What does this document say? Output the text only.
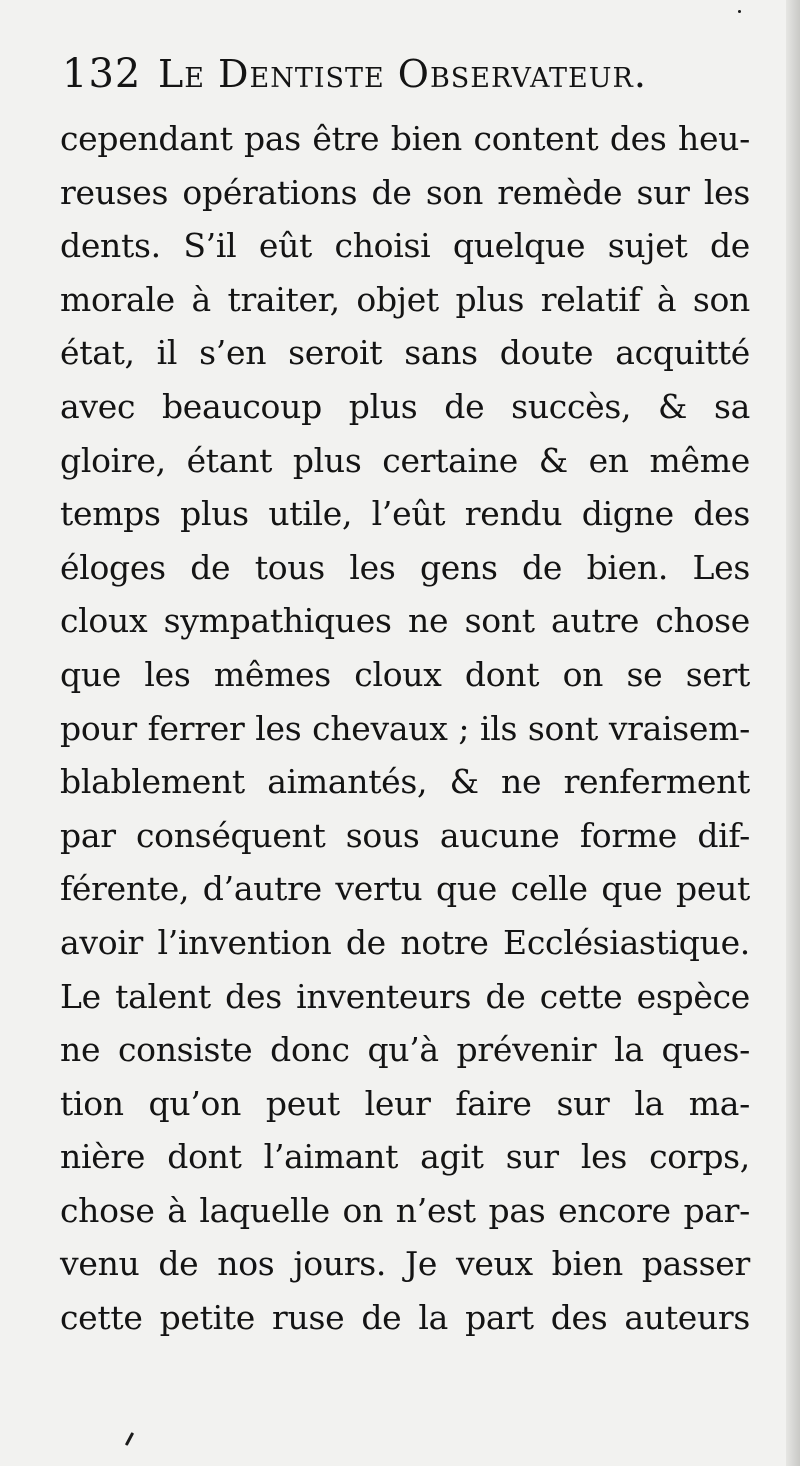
132 Le Dentiste Observateur.
cependant pas être bien content des heu-
reuses opérations de son remède sur les
dents. S’il eût choisi quelque sujet de
morale à traiter, objet plus relatif à son
état, il s’en seroit sans doute acquitté
avec beaucoup plus de succès, & sa
gloire, étant plus certaine & en même
temps plus utile, l’eût rendu digne des
éloges de tous les gens de bien. Les
cloux sympathiques ne sont autre chose
que les mêmes cloux dont on se sert
pour ferrer les chevaux ; ils sont vraisem-
blablement aimantés, & ne renferment
par conséquent sous aucune forme dif-
férente, d’autre vertu que celle que peut
avoir l’invention de notre Ecclésiastique.
Le talent des inventeurs de cette espèce
ne consiste donc qu’à prévenir la ques-
tion qu’on peut leur faire sur la ma-
nière dont l’aimant agit sur les corps,
chose à laquelle on n’est pas encore par-
venu de nos jours. Je veux bien passer
cette petite ruse de la part des auteurs
